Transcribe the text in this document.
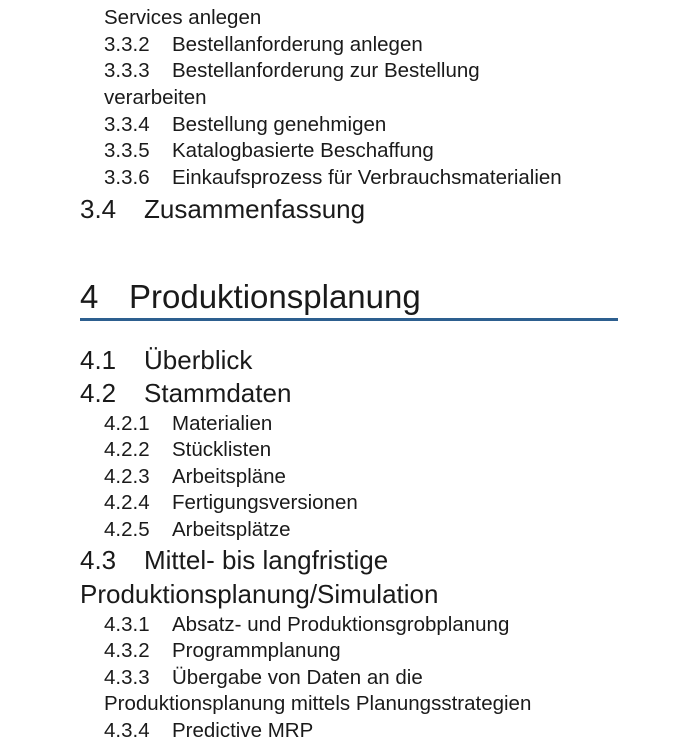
Services anlegen

3.3.2 Bestellanforderung anlegen

3.3.3 Bestellanforderung zur Bestellung

verarbeiten

3.3.4 Bestellung genehmigen

3.3.5 Katalogbasierte Beschaffung

3.3.6 Einkaufsprozess für Verbrauchsmaterialien

3.4 Zusammenfassung

4 Produktionsplanung

4.1 Überblick

4.2 Stammdaten

4.2.1 Materialien

4.2.2 Stücklisten

4.2.3 Arbeitspläne

4.2.4 Fertigungsversionen

4.2.5 Arbeitsplätze

4.3 Mittel- bis langfristige

Produktionsplanung/Simulation

4.3.1 Absatz- und Produktionsgrobplanung

4.3.2 Programmplanung

4.3.3 Übergabe von Daten an die

Produktionsplanung mittels Planungsstrategien

4.3.4 Predictive MRP
